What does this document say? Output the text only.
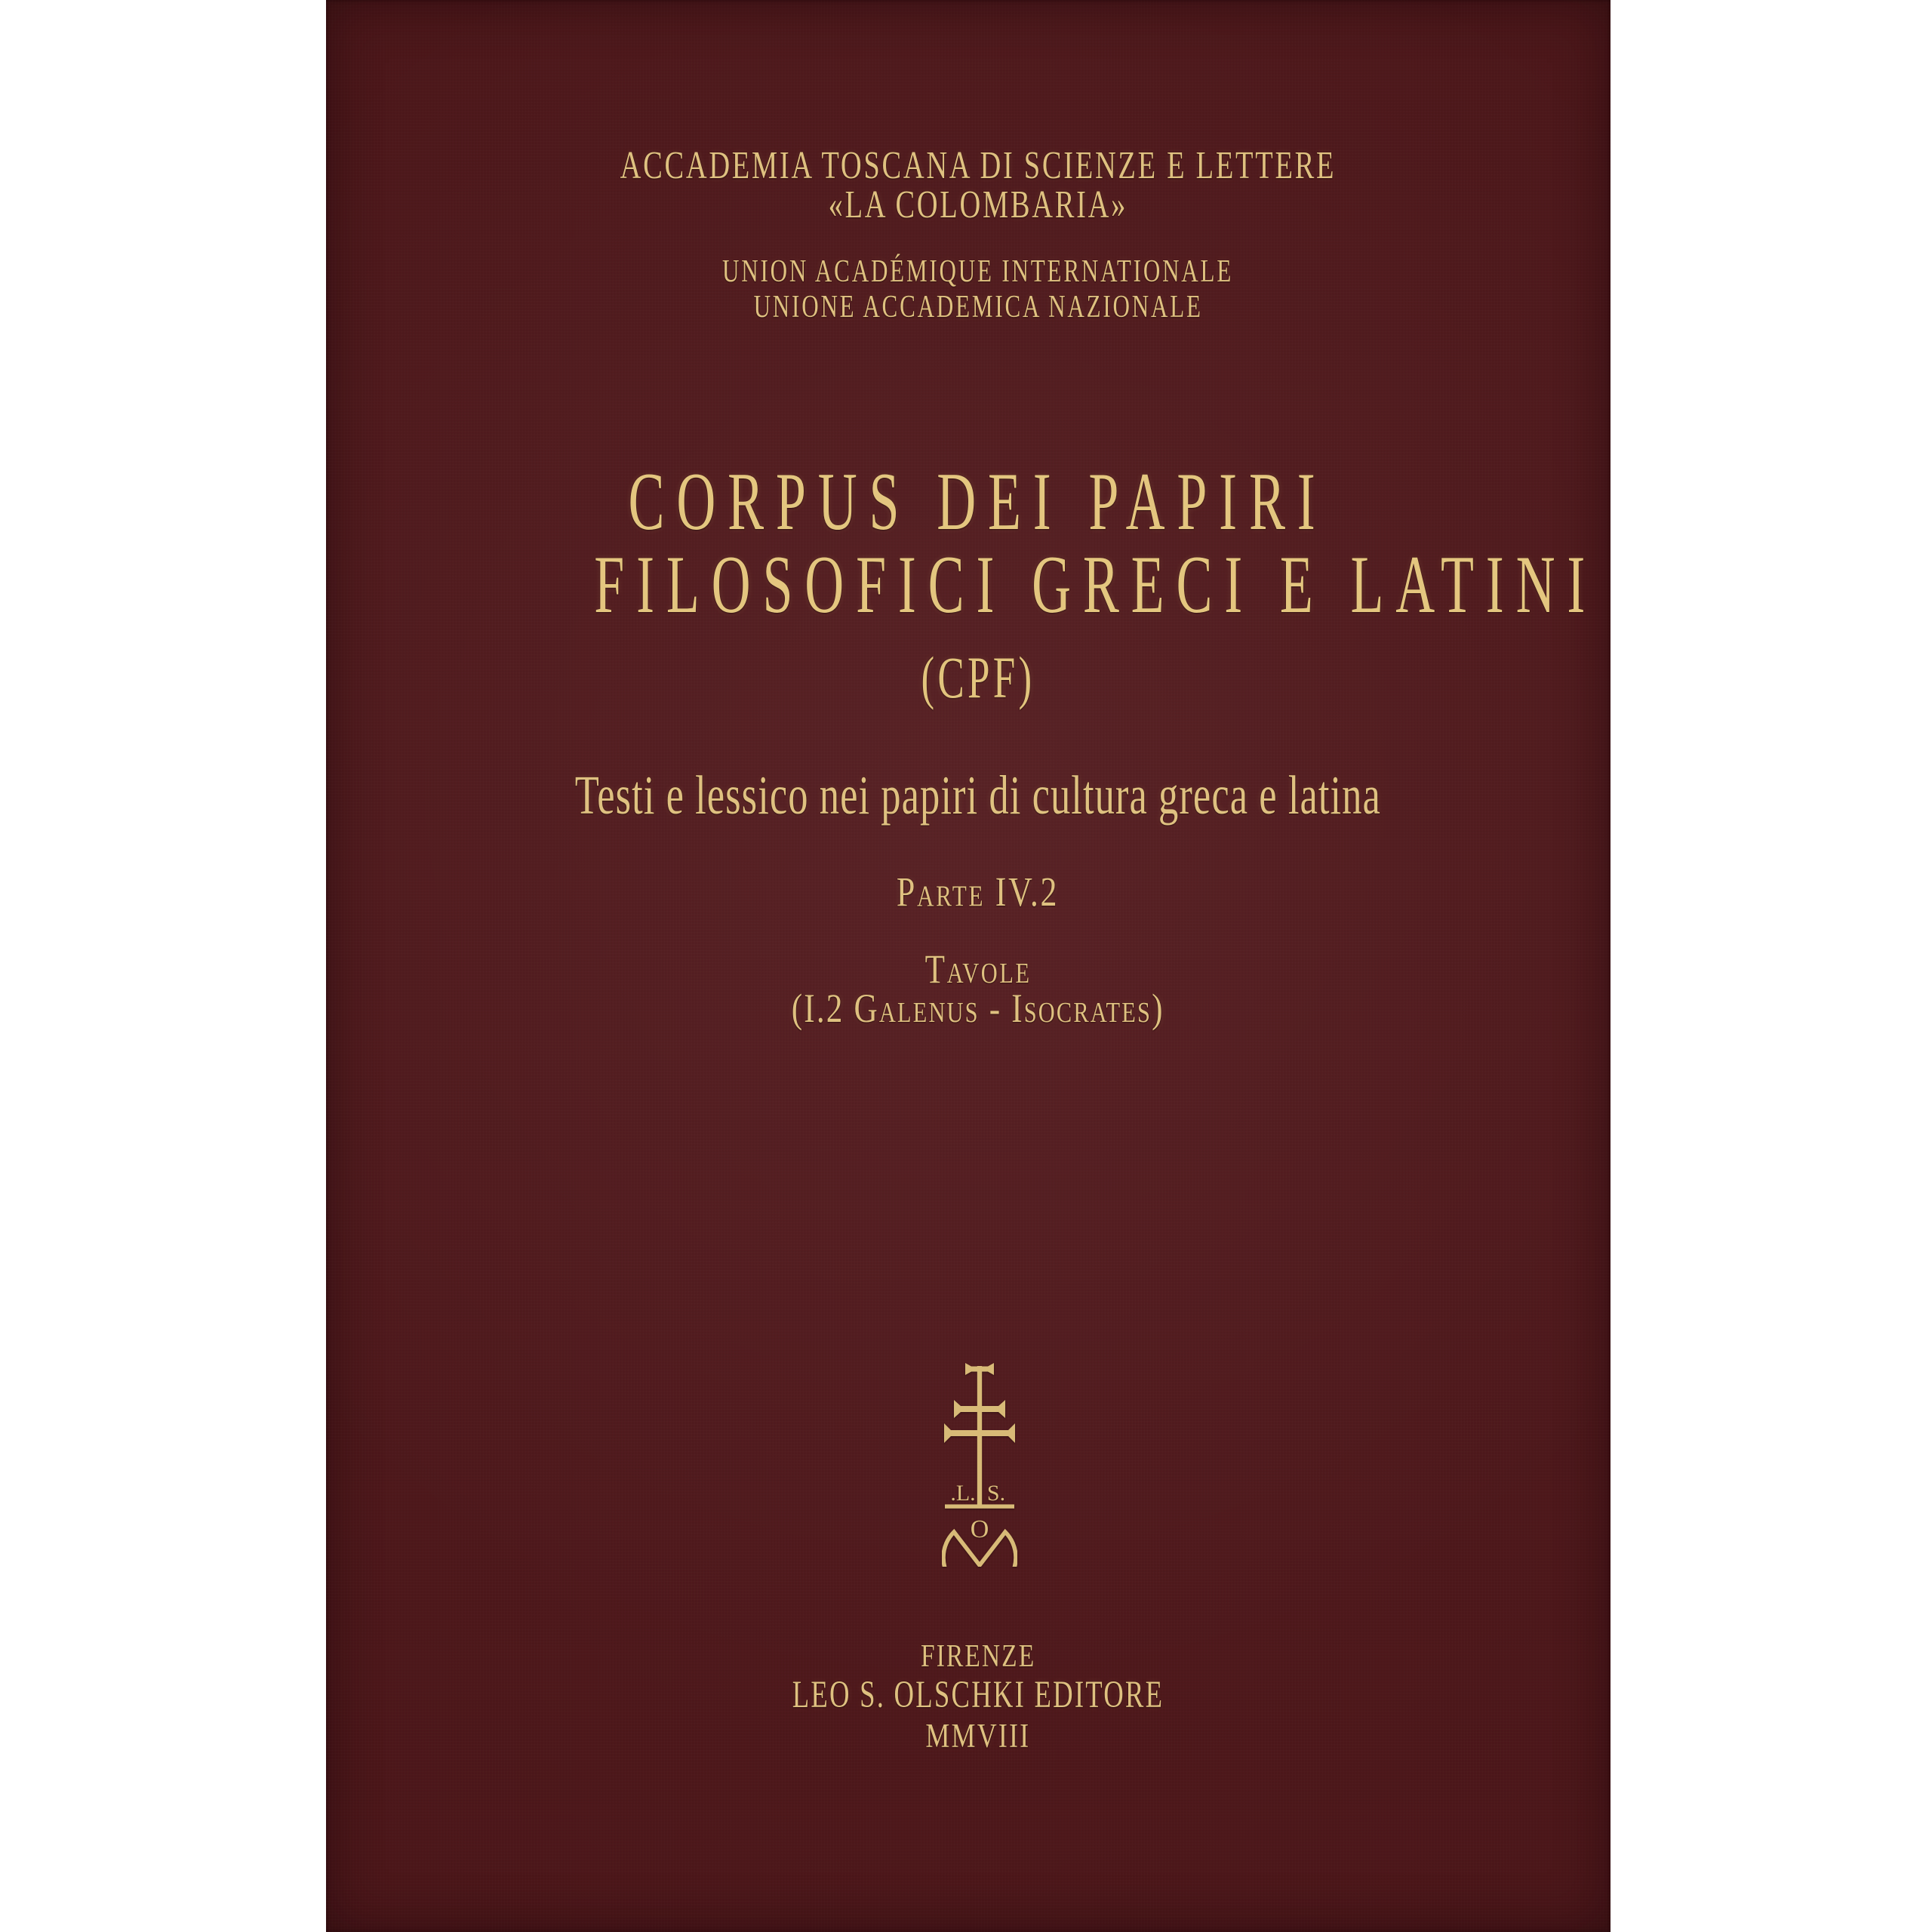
ACCADEMIA TOSCANA DI SCIENZE E LETTERE
«LA COLOMBARIA»
UNION ACADÉMIQUE INTERNATIONALE
UNIONE ACCADEMICA NAZIONALE
CORPUS DEI PAPIRI
FILOSOFICI GRECI E LATINI
(CPF)
Testi e lessico nei papiri di cultura greca e latina
Parte IV.2
Tavole
(I.2 Galenus - Isocrates)
.L. S.
O
FIRENZE
LEO S. OLSCHKI EDITORE
MMVIII
